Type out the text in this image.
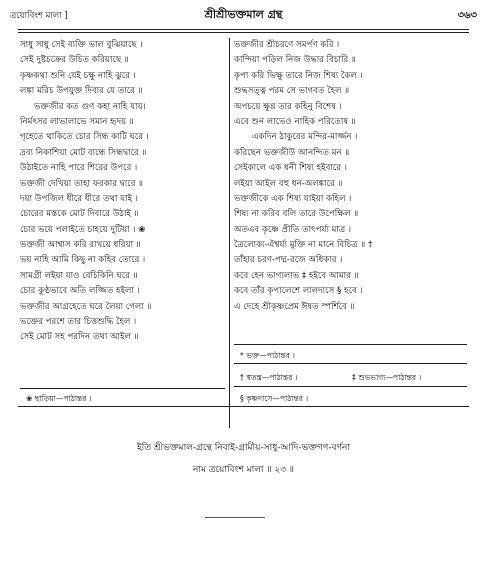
ত্রয়োবিংশ মালা ]	শ্রীশ্রীভক্তমাল গ্রন্থ	৩৬৩
সাধু সাধু সেই ব্যক্তি ভাল বুঝিয়াছে ।
সেই দুষ্টচক্রের উচিত করিয়াছে ॥
কৃষ্ণকথা শুনি যেই চক্ষু নাহি ঝুরে ।
লঙ্কা মরিচ উপযুক্ত দিবার যে তারে ॥
ভক্তজীর কত গুণ কহা নাহি যায়।
নির্মৎসর লাভালাভে সমান হৃদয় ॥
গৃহেতে থাকিতে চোর সিন্ধ কাটি ঘরে ।
দ্রব্য নিকাশিয়া মোট বান্ধে সিন্ধদ্বারে ॥
উঠাইতে নাহি পারে শিরের উপরে ।
ভক্তজী দেখিয়া তাহা ফরকার দ্বারে ॥
দয়া উপজিল ধীরে ধীরে তথা যাই ।
চোরের মস্তকে মোট দিবারে উঠাই ॥
চোর ভয়ে পলাইতে চাহয়ে দুটিয়া । ❀
ভক্তজী আশ্বাস করি রাখয়ে ধরিয়া ॥
ভয় নাহি আমি কিছু না কহিব তোরে ।
সামগ্রী লইয়া যাও বেচিকিনি ঘরে ॥
চোর কুণ্ঠভাবে অতি লজ্জিত হইলা ।
ভক্তজীর আগ্রহেতে ঘরে লৈয়া গেলা ॥
ভক্তের পরশে তার চিত্তশুদ্ধি হৈল ।
সেই মোট সহ পরদিন তথা আইল ॥
ভক্তজীর শ্রীচরণে সমর্পণ করি ।
কান্দিয়া পড়িল নিজ উদ্ধার বিচারি ॥
কৃপা করি ভিক্ষু তারে নিজ শিষ্য কৈল ।
শুদ্ধসত্ত্ব পরম সে ভাগবত হৈল ॥
অপচয়ে ক্ষুণ্ণ তার কহিনু বিশেষ ।
এবে শুন লাভেও নাহিক পরিতোষ ॥
একদিন ঠাকুরের মন্দির-মার্জ্জন ।
করিছেন ভক্তজীউ আনন্দিত মন ॥
সেইকালে এক ধনী শিষ্য হইবারে ।
লইয়া আইল বহু ধন-অলঙ্কারে ॥
ভক্তজীকে এক শিষ্য যাইয়া কহিল ।
শিষ্য না করিব বলি তারে উপেক্ষিল ॥
অতএব কৃষ্ণে প্রীতি তাৎপর্য্য মাত্র ।
ত্রৈলোক্য-ঐশ্বর্য্য মুক্তি না মানে বিচিত্র ॥ †
তাঁহার চরণ-পদ্ম-রজে অধিকার ।
কবে হেন ভাগ্যলাভ ‡ হইবে আমার ॥
কবে তাঁর কৃপালেশে লালদাসে § হবে ।
এ দেহে শ্রীকৃষ্ণপ্রেম ঈষত স্পর্শিবে ॥
* ভক্ত—পাঠান্তর ।
† স্বতন্ত্র—পাঠান্তর ।	‡ শুভভাগ্য—পাঠান্তর ।
§ কৃষ্ণদাসে—পাঠান্তর ।
❀ ছাড়িয়া—পাঠান্তর ।
ইতি শ্রীভক্তমাল-গ্রন্থে নিবাই-গ্রামীয়-সাধু-আদি-ভক্তগণ-বর্ণনা
নাম ত্রয়োবিংশ মালা ॥ ২৩ ॥
